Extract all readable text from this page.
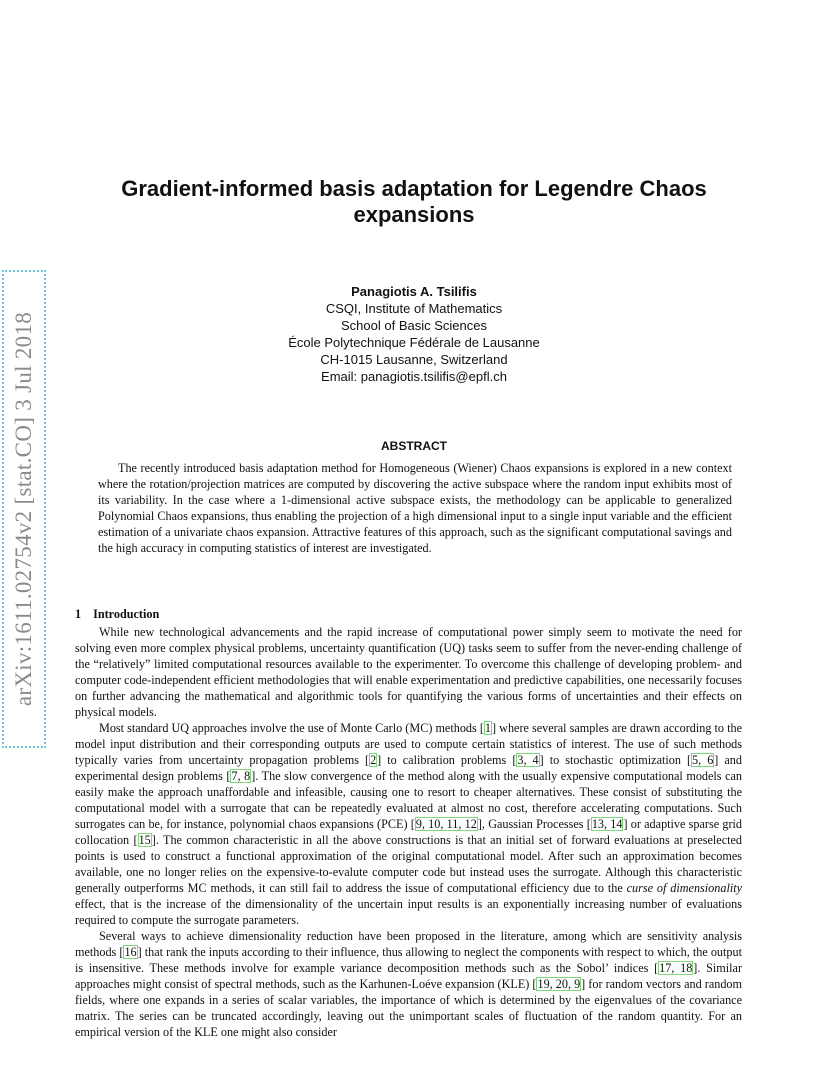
arXiv:1611.02754v2 [stat.CO] 3 Jul 2018
Gradient-informed basis adaptation for Legendre Chaos expansions
Panagiotis A. Tsilifis
CSQI, Institute of Mathematics
School of Basic Sciences
École Polytechnique Fédérale de Lausanne
CH-1015 Lausanne, Switzerland
Email: panagiotis.tsilifis@epfl.ch
ABSTRACT

The recently introduced basis adaptation method for Homogeneous (Wiener) Chaos expansions is explored in a new context where the rotation/projection matrices are computed by discovering the active subspace where the random input exhibits most of its variability. In the case where a 1-dimensional active subspace exists, the methodology can be applicable to generalized Polynomial Chaos expansions, thus enabling the projection of a high dimensional input to a single input variable and the efficient estimation of a univariate chaos expansion. Attractive features of this approach, such as the significant computational savings and the high accuracy in computing statistics of interest are investigated.

1 Introduction

While new technological advancements and the rapid increase of computational power simply seem to motivate the need for solving even more complex physical problems, uncertainty quantification (UQ) tasks seem to suffer from the never-ending challenge of the “relatively” limited computational resources available to the experimenter. To overcome this challenge of developing problem- and computer code-independent efficient methodologies that will enable experimentation and predictive capabilities, one necessarily focuses on further advancing the mathematical and algorithmic tools for quantifying the various forms of uncertainties and their effects on physical models.

Most standard UQ approaches involve the use of Monte Carlo (MC) methods [1] where several samples are drawn according to the model input distribution and their corresponding outputs are used to compute certain statistics of interest. The use of such methods typically varies from uncertainty propagation problems [2] to calibration problems [3, 4] to stochastic optimization [5, 6] and experimental design problems [7, 8]. The slow convergence of the method along with the usually expensive computational models can easily make the approach unaffordable and infeasible, causing one to resort to cheaper alternatives. These consist of substituting the computational model with a surrogate that can be repeatedly evaluated at almost no cost, therefore accelerating computations. Such surrogates can be, for instance, polynomial chaos expansions (PCE) [9, 10, 11, 12], Gaussian Processes [13, 14] or adaptive sparse grid collocation [15]. The common characteristic in all the above constructions is that an initial set of forward evaluations at preselected points is used to construct a functional approximation of the original computational model. After such an approximation becomes available, one no longer relies on the expensive-to-evalute computer code but instead uses the surrogate. Although this characteristic generally outperforms MC methods, it can still fail to address the issue of computational efficiency due to the curse of dimensionality effect, that is the increase of the dimensionality of the uncertain input results is an exponentially increasing number of evaluations required to compute the surrogate parameters.

Several ways to achieve dimensionality reduction have been proposed in the literature, among which are sensitivity analysis methods [16] that rank the inputs according to their influence, thus allowing to neglect the components with respect to which, the output is insensitive. These methods involve for example variance decomposition methods such as the Sobol’ indices [17, 18]. Similar approaches might consist of spectral methods, such as the Karhunen-Loéve expansion (KLE) [19, 20, 9] for random vectors and random fields, where one expands in a series of scalar variables, the importance of which is determined by the eigenvalues of the covariance matrix. The series can be truncated accordingly, leaving out the unimportant scales of fluctuation of the random quantity. For an empirical version of the KLE one might also consider
